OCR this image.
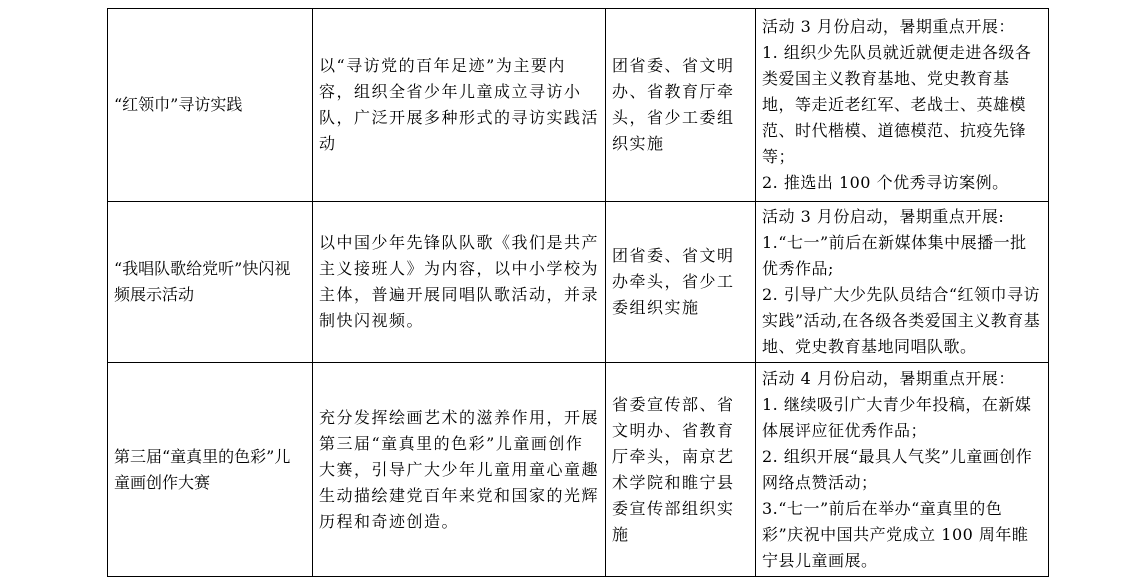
“红领巾”寻访实践	以“寻访党的百年足迹”为主要内容，组织全省少年儿童成立寻访小队，广泛开展多种形式的寻访实践活动	团省委、省文明办、省教育厅牵头，省少工委组织实施	活动 3 月份启动，暑期重点开展：
1. 组织少先队员就近就便走进各级各类爱国主义教育基地、党史教育基地，等走近老红军、老战士、英雄模范、时代楷模、道德模范、抗疫先锋等；
2. 推选出 100 个优秀寻访案例。

“我唱队歌给党听”快闪视频展示活动	以中国少年先锋队队歌《我们是共产主义接班人》为内容，以中小学校为主体，普遍开展同唱队歌活动，并录制快闪视频。	团省委、省文明办牵头，省少工委组织实施	活动 3 月份启动，暑期重点开展:
1.“七一”前后在新媒体集中展播一批优秀作品;
2. 引导广大少先队员结合“红领巾寻访实践”活动,在各级各类爱国主义教育基地、党史教育基地同唱队歌。

第三届“童真里的色彩”儿童画创作大赛	充分发挥绘画艺术的滋养作用，开展第三届“童真里的色彩”儿童画创作大赛，引导广大少年儿童用童心童趣生动描绘建党百年来党和国家的光辉历程和奇迹创造。	省委宣传部、省文明办、省教育厅牵头，南京艺术学院和睢宁县委宣传部组织实施	活动 4 月份启动，暑期重点开展：
1. 继续吸引广大青少年投稿，在新媒体展评应征优秀作品；
2. 组织开展“最具人气奖”儿童画创作网络点赞活动；
3.“七一”前后在举办“童真里的色彩”庆祝中国共产党成立 100 周年睢宁县儿童画展。
